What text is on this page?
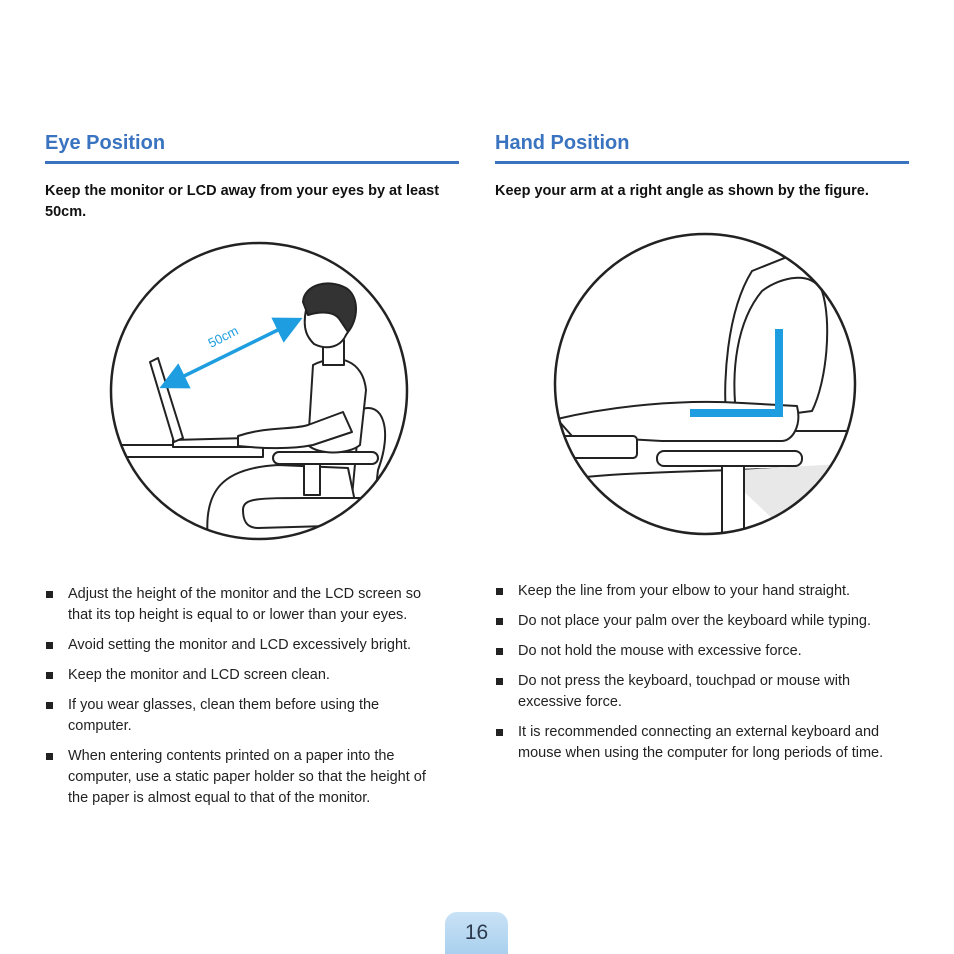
Eye Position
Keep the monitor or LCD away from your eyes by at least 50cm.
50cm
Adjust the height of the monitor and the LCD screen so that its top height is equal to or lower than your eyes.
Avoid setting the monitor and LCD excessively bright.
Keep the monitor and LCD screen clean.
If you wear glasses, clean them before using the computer.
When entering contents printed on a paper into the computer, use a static paper holder so that the height of the paper is almost equal to that of the monitor.
Hand Position
Keep your arm at a right angle as shown by the figure.
Keep the line from your elbow to your hand straight.
Do not place your palm over the keyboard while typing.
Do not hold the mouse with excessive force.
Do not press the keyboard, touchpad or mouse with excessive force.
It is recommended connecting an external keyboard and mouse when using the computer for long periods of time.
16
